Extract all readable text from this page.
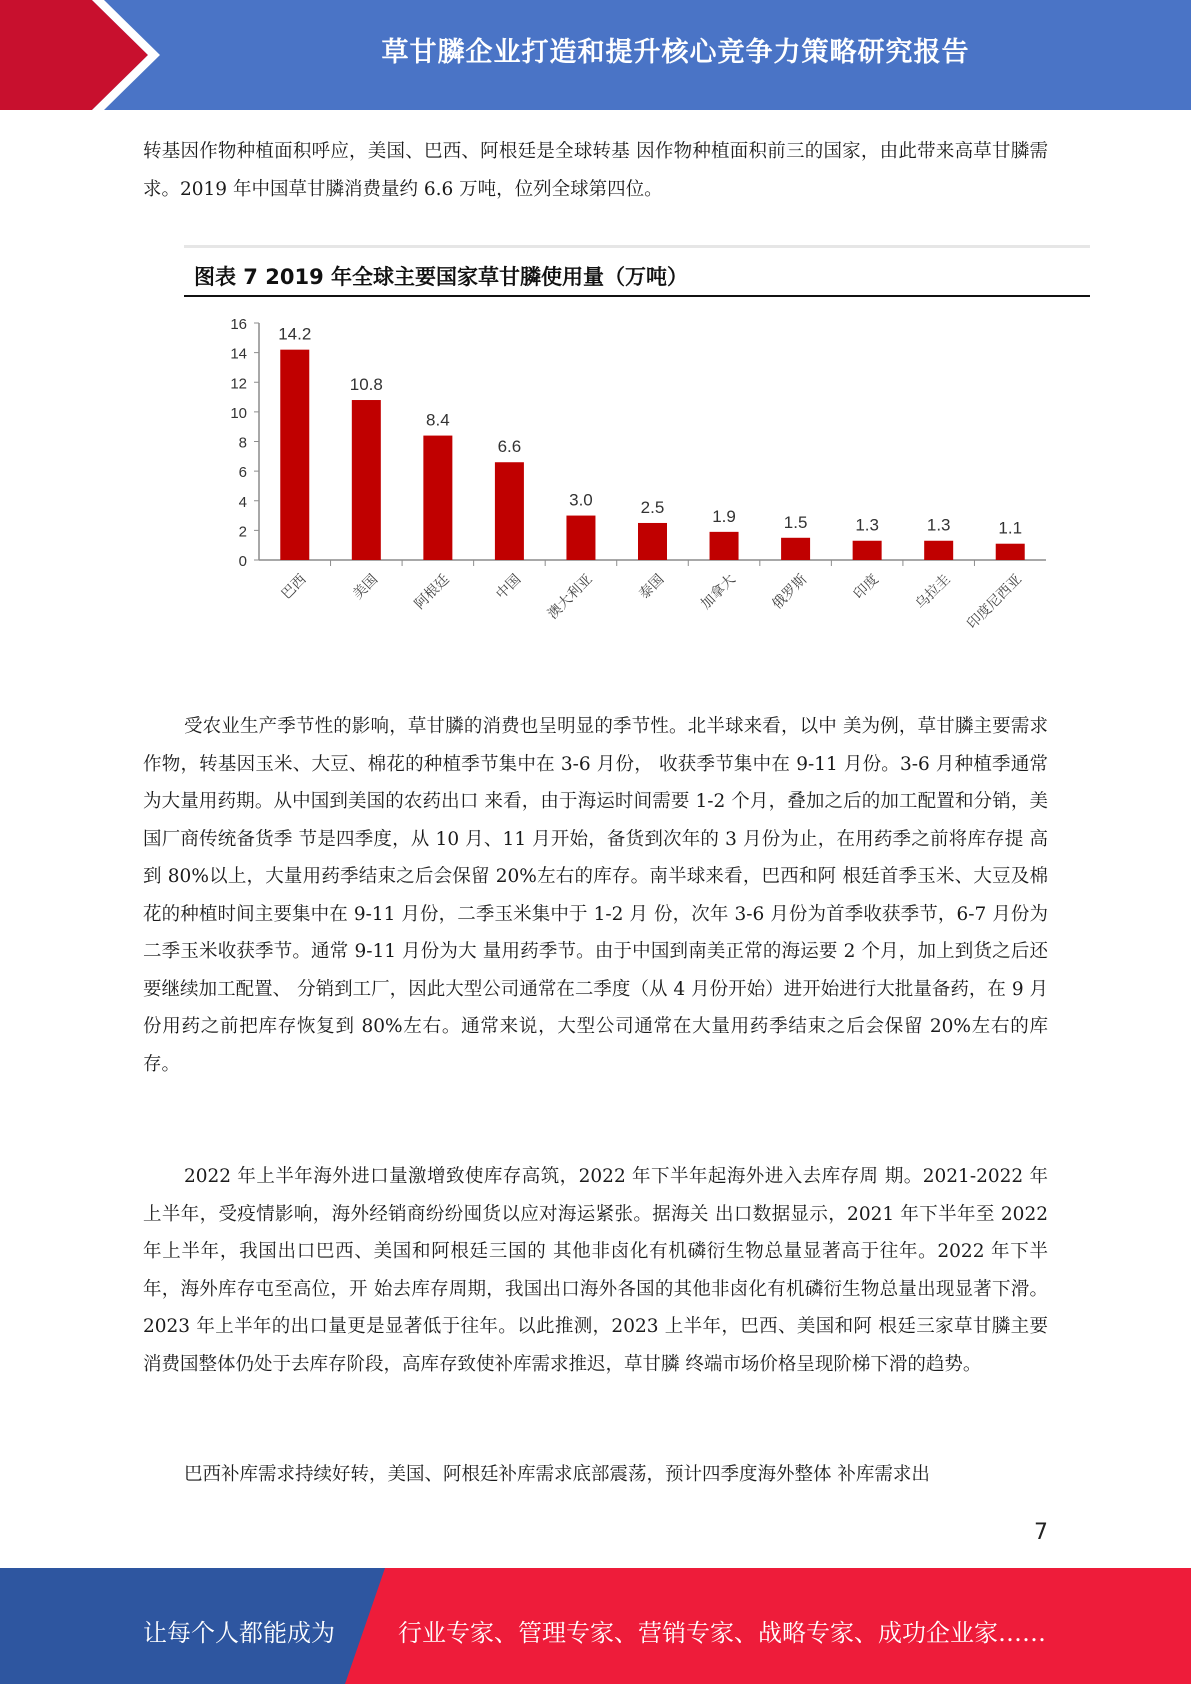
草甘膦企业打造和提升核心竞争力策略研究报告

转基因作物种植面积呼应，美国、巴西、阿根廷是全球转基 因作物种植面积前三的国家，由此带来高草甘膦需求。2019 年中国草甘膦消费量约 6.6 万吨，位列全球第四位。

图表 7 2019 年全球主要国家草甘膦使用量（万吨）
0
2
4
6
8
10
12
14
16
14.2
巴西
10.8
美国
8.4
阿根廷
6.6
中国
3.0
澳大利亚
2.5
泰国
1.9
加拿大
1.5
俄罗斯
1.3
印度
1.3
乌拉圭
1.1
印度尼西亚

受农业生产季节性的影响，草甘膦的消费也呈明显的季节性。北半球来看，以中 美为例，草甘膦主要需求作物，转基因玉米、大豆、棉花的种植季节集中在 3-6 月份， 收获季节集中在 9-11 月份。3-6 月种植季通常为大量用药期。从中国到美国的农药出口 来看，由于海运时间需要 1-2 个月，叠加之后的加工配置和分销，美国厂商传统备货季 节是四季度，从 10 月、11 月开始，备货到次年的 3 月份为止，在用药季之前将库存提 高到 80%以上，大量用药季结束之后会保留 20%左右的库存。南半球来看，巴西和阿 根廷首季玉米、大豆及棉花的种植时间主要集中在 9-11 月份，二季玉米集中于 1-2 月 份，次年 3-6 月份为首季收获季节，6-7 月份为二季玉米收获季节。通常 9-11 月份为大 量用药季节。由于中国到南美正常的海运要 2 个月，加上到货之后还要继续加工配置、 分销到工厂，因此大型公司通常在二季度（从 4 月份开始）进开始进行大批量备药，在 9 月份用药之前把库存恢复到 80%左右。通常来说，大型公司通常在大量用药季结束之后会保留 20%左右的库存。

2022 年上半年海外进口量激增致使库存高筑，2022 年下半年起海外进入去库存周 期。2021-2022 年上半年，受疫情影响，海外经销商纷纷囤货以应对海运紧张。据海关 出口数据显示，2021 年下半年至 2022 年上半年，我国出口巴西、美国和阿根廷三国的 其他非卤化有机磷衍生物总量显著高于往年。2022 年下半年，海外库存屯至高位，开 始去库存周期，我国出口海外各国的其他非卤化有机磷衍生物总量出现显著下滑。 2023 年上半年的出口量更是显著低于往年。以此推测，2023 上半年，巴西、美国和阿 根廷三家草甘膦主要消费国整体仍处于去库存阶段，高库存致使补库需求推迟，草甘膦 终端市场价格呈现阶梯下滑的趋势。

巴西补库需求持续好转，美国、阿根廷补库需求底部震荡，预计四季度海外整体 补库需求出

7
让每个人都能成为	行业专家、管理专家、营销专家、战略专家、成功企业家……
